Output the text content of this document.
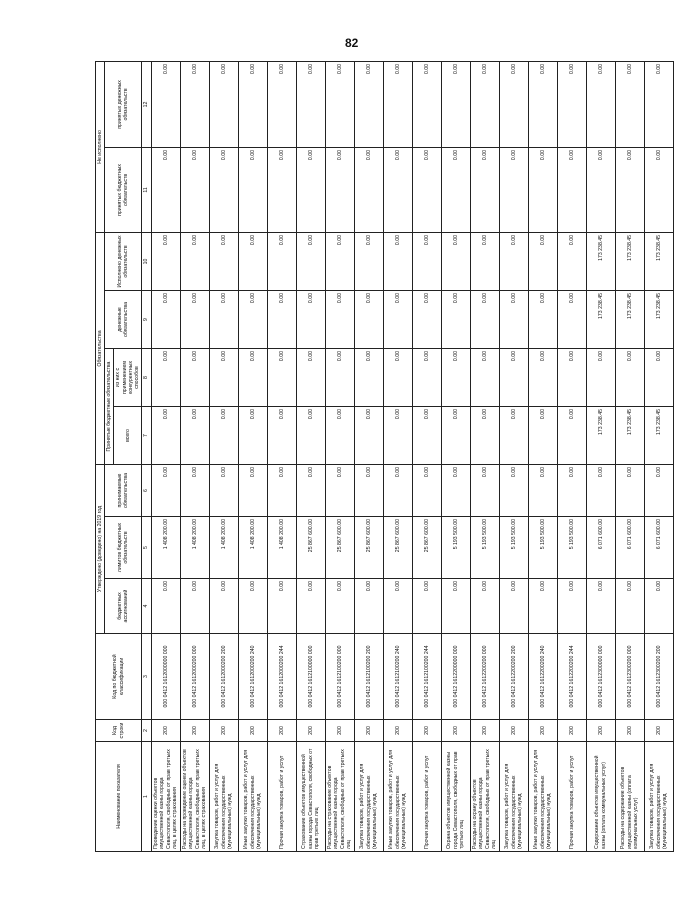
82
Наименование показателя	Код строки	Код по бюджетной классификации	Утверждено (доведено) на 2019 год			Обязательства				Не исполнено	
			бюджетных ассигнований	лимитов бюджетных обязательств	принимаемые обязательства	Принятые бюджетные обязательства		денежные обязательства	Исполнено денежных обязательств	принятых бюджетных обязательств	принятых денежных обязательств
						всего	из них с применением конкурентных способов				
1	2	3	4	5	6	7	8	9	10	11	12
Проведение оценки объектов имущественной казны города Севастополя, свободных от прав третьих лиц, в целях страхования	200	000 0412 1612000000 000	0.00	1 408 200.00	0.00	0.00	0.00	0.00	0.00	0.00	0.00
Расходы на проведение оценки объектов имущественной казны города Севастополя, свободных от прав третьих лиц, в целях страхования	200	000 0412 1612000200 000	0.00	1 408 200.00	0.00	0.00	0.00	0.00	0.00	0.00	0.00
Закупка товаров, работ и услуг для обеспечения государственных (муниципальных) нужд	200	000 0412 1612000200 200	0.00	1 408 200.00	0.00	0.00	0.00	0.00	0.00	0.00	0.00
Иные закупки товаров, работ и услуг для обеспечения государственных (муниципальных) нужд	200	000 0412 1612000200 240	0.00	1 408 200.00	0.00	0.00	0.00	0.00	0.00	0.00	0.00
Прочая закупка товаров, работ и услуг	200	000 0412 1612000200 244	0.00	1 408 200.00	0.00	0.00	0.00	0.00	0.00	0.00	0.00
Страхование объектов имущественной казны города Севастополя, свободных от прав третьих лиц	200	000 0412 1612100000 000	0.00	25 867 600.00	0.00	0.00	0.00	0.00	0.00	0.00	0.00
Расходы на страхование объектов имущественной казны города Севастополя, свободных от прав третьих лиц	200	000 0412 1612100200 000	0.00	25 867 600.00	0.00	0.00	0.00	0.00	0.00	0.00	0.00
Закупка товаров, работ и услуг для обеспечения государственных (муниципальных) нужд	200	000 0412 1612100200 200	0.00	25 867 600.00	0.00	0.00	0.00	0.00	0.00	0.00	0.00
Иные закупки товаров, работ и услуг для обеспечения государственных (муниципальных) нужд	200	000 0412 1612100200 240	0.00	25 867 600.00	0.00	0.00	0.00	0.00	0.00	0.00	0.00
Прочая закупка товаров, работ и услуг	200	000 0412 1612100200 244	0.00	25 867 600.00	0.00	0.00	0.00	0.00	0.00	0.00	0.00
Охрана объектов имущественной казны города Севастополя, свободных от прав третьих лиц	200	000 0412 1612200000 000	0.00	5 193 500.00	0.00	0.00	0.00	0.00	0.00	0.00	0.00
Расходы на охрану объектов имущественной казны города Севастополя, свободных от прав третьих лиц	200	000 0412 1612200200 000	0.00	5 193 500.00	0.00	0.00	0.00	0.00	0.00	0.00	0.00
Закупка товаров, работ и услуг для обеспечения государственных (муниципальных) нужд	200	000 0412 1612200200 200	0.00	5 193 500.00	0.00	0.00	0.00	0.00	0.00	0.00	0.00
Иные закупки товаров, работ и услуг для обеспечения государственных (муниципальных) нужд	200	000 0412 1612200200 240	0.00	5 193 500.00	0.00	0.00	0.00	0.00	0.00	0.00	0.00
Прочая закупка товаров, работ и услуг	200	000 0412 1612200200 244	0.00	5 193 500.00	0.00	0.00	0.00	0.00	0.00	0.00	0.00
Содержание объектов имущественной казны (оплата коммунальных услуг)	200	000 0412 1612300000 000	0.00	6 071 600.00	0.00	173 238.45	0.00	173 238.45	173 238.45	0.00	0.00
Расходы на содержание объектов имущественной казны (оплата коммунальных услуг)	200	000 0412 1612300200 000	0.00	6 071 600.00	0.00	173 238.45	0.00	173 238.45	173 238.45	0.00	0.00
Закупка товаров, работ и услуг для обеспечения государственных (муниципальных) нужд	200	000 0412 1612300200 200	0.00	6 071 600.00	0.00	173 238.45	0.00	173 238.45	173 238.45	0.00	0.00
